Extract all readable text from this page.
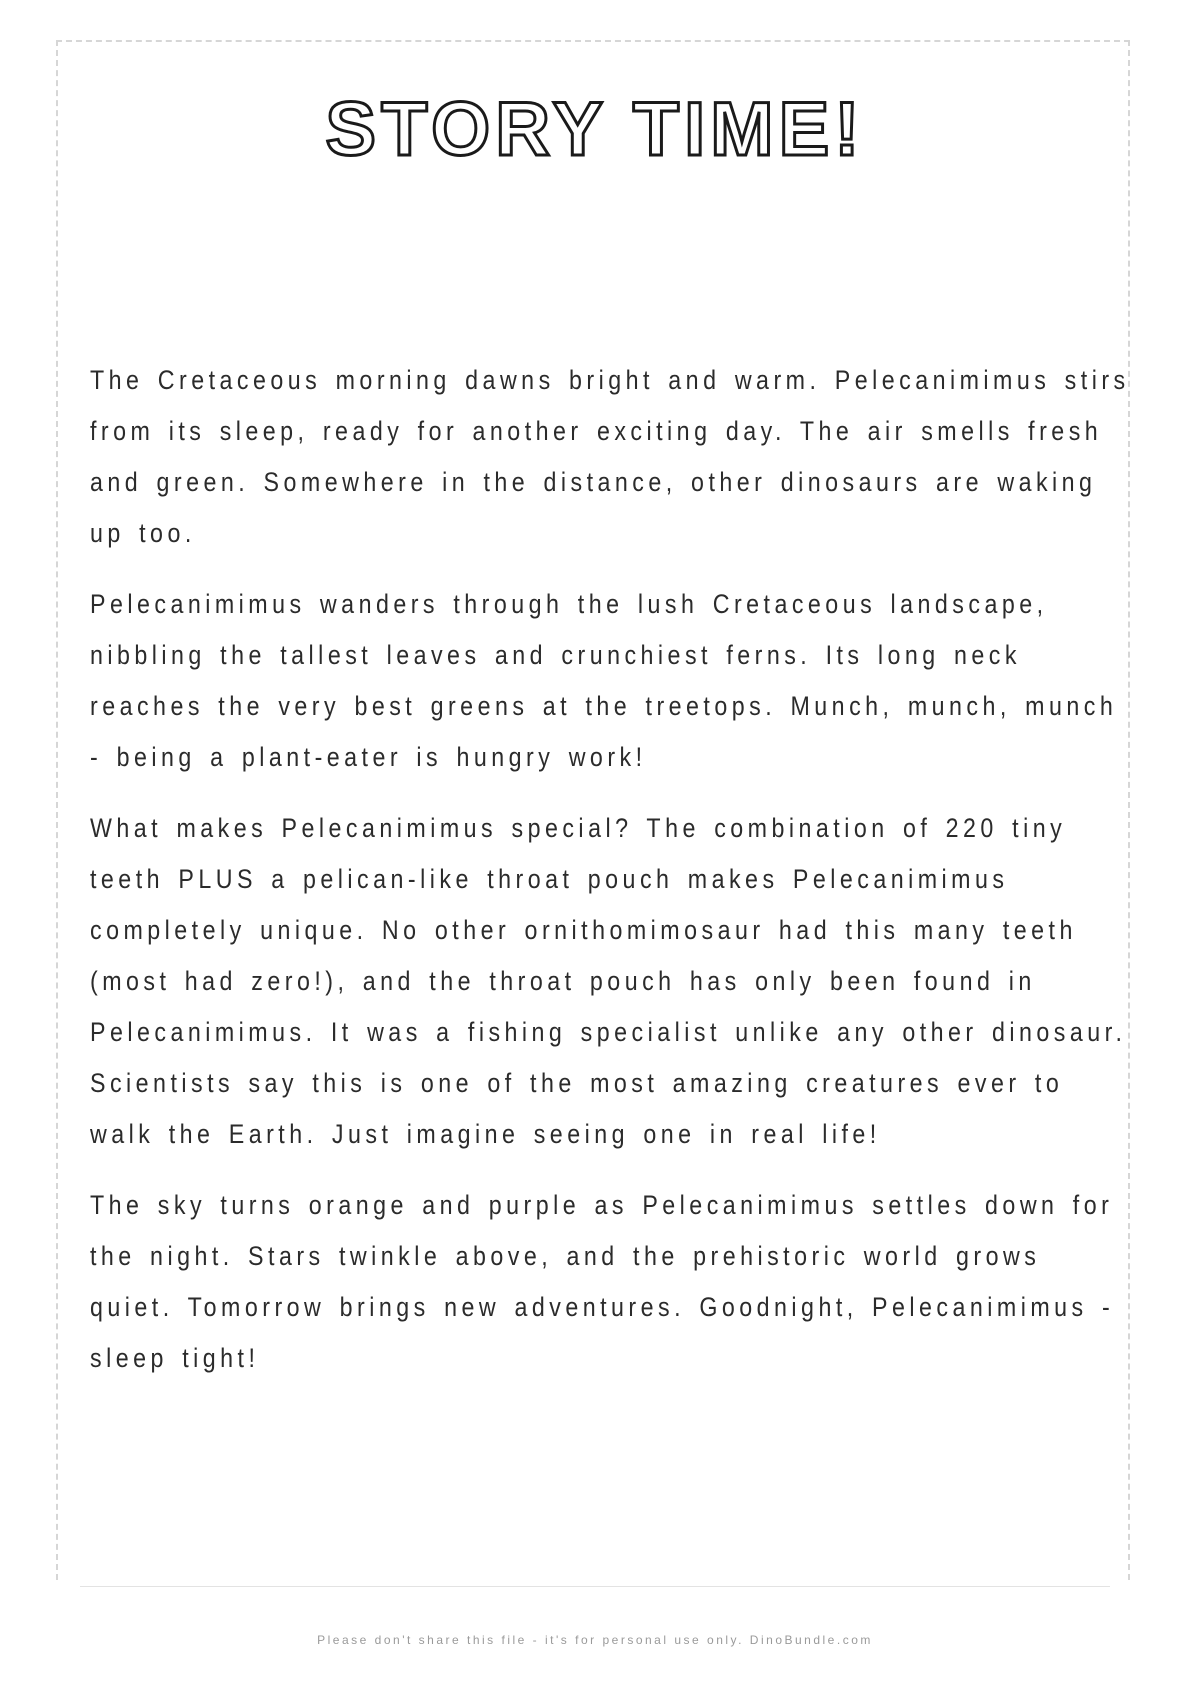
STORY TIME!

The Cretaceous morning dawns bright and warm. Pelecanimimus stirs from its sleep, ready for another exciting day. The air smells fresh and green. Somewhere in the distance, other dinosaurs are waking up too.

Pelecanimimus wanders through the lush Cretaceous landscape, nibbling the tallest leaves and crunchiest ferns. Its long neck reaches the very best greens at the treetops. Munch, munch, munch - being a plant-eater is hungry work!

What makes Pelecanimimus special? The combination of 220 tiny teeth PLUS a pelican-like throat pouch makes Pelecanimimus completely unique. No other ornithomimosaur had this many teeth (most had zero!), and the throat pouch has only been found in Pelecanimimus. It was a fishing specialist unlike any other dinosaur. Scientists say this is one of the most amazing creatures ever to walk the Earth. Just imagine seeing one in real life!

The sky turns orange and purple as Pelecanimimus settles down for the night. Stars twinkle above, and the prehistoric world grows quiet. Tomorrow brings new adventures. Goodnight, Pelecanimimus - sleep tight!

Please don't share this file - it's for personal use only. DinoBundle.com
